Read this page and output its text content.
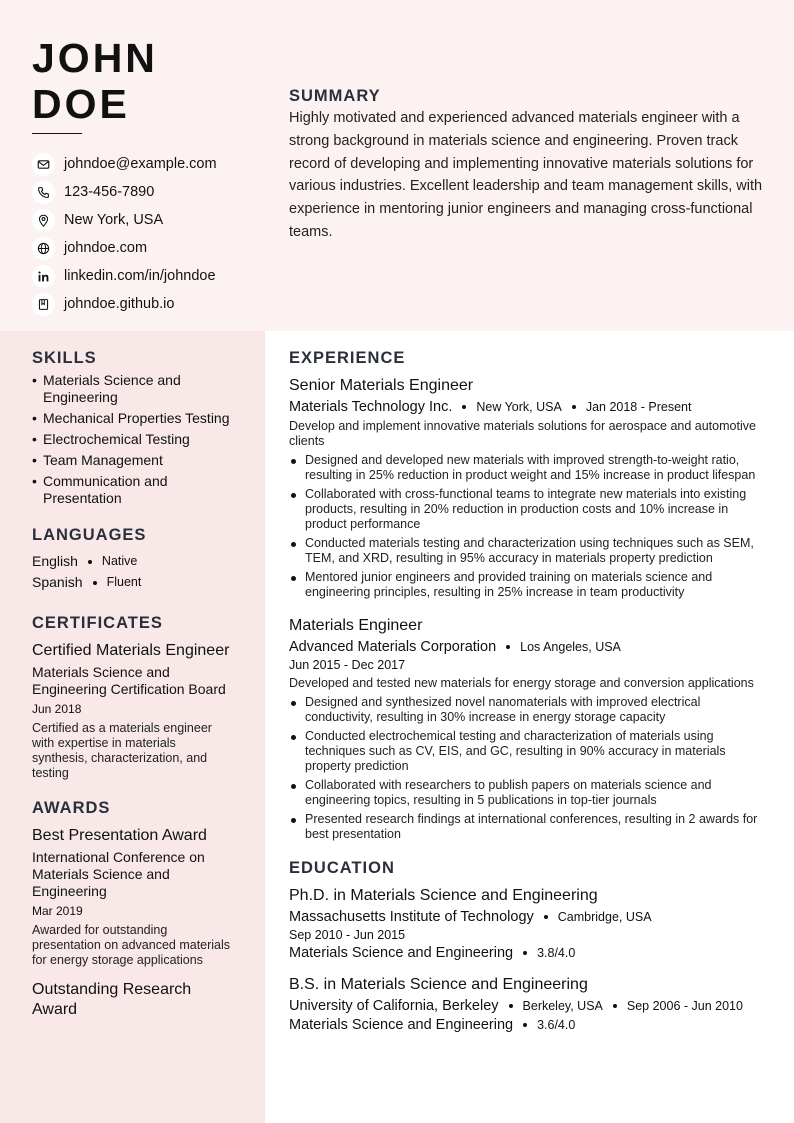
JOHN
DOE
johndoe@example.com
123-456-7890
New York, USA
johndoe.com
linkedin.com/in/johndoe
johndoe.github.io
SUMMARY

Highly motivated and experienced advanced materials engineer with a strong background in materials science and engineering. Proven track record of developing and implementing innovative materials solutions for various industries. Excellent leadership and team management skills, with experience in mentoring junior engineers and managing cross-functional teams.

SKILLS
• Materials Science and Engineering
• Mechanical Properties Testing
• Electrochemical Testing
• Team Management
• Communication and Presentation
LANGUAGES
English Native
Spanish Fluent
CERTIFICATES
Certified Materials Engineer
Materials Science and Engineering Certification Board
Jun 2018
Certified as a materials engineer with expertise in materials synthesis, characterization, and testing
AWARDS
Best Presentation Award
International Conference on Materials Science and Engineering
Mar 2019
Awarded for outstanding presentation on advanced materials for energy storage applications
Outstanding Research Award
EXPERIENCE
Senior Materials Engineer
Materials Technology Inc. New York, USA Jan 2018 - Present
Develop and implement innovative materials solutions for aerospace and automotive clients
Designed and developed new materials with improved strength-to-weight ratio, resulting in 25% reduction in product weight and 15% increase in product lifespan
Collaborated with cross-functional teams to integrate new materials into existing products, resulting in 20% reduction in production costs and 10% increase in product performance
Conducted materials testing and characterization using techniques such as SEM, TEM, and XRD, resulting in 95% accuracy in materials property prediction
Mentored junior engineers and provided training on materials science and engineering principles, resulting in 25% increase in team productivity
Materials Engineer
Advanced Materials Corporation Los Angeles, USA
Jun 2015 - Dec 2017
Developed and tested new materials for energy storage and conversion applications
Designed and synthesized novel nanomaterials with improved electrical conductivity, resulting in 30% increase in energy storage capacity
Conducted electrochemical testing and characterization of materials using techniques such as CV, EIS, and GC, resulting in 90% accuracy in materials property prediction
Collaborated with researchers to publish papers on materials science and engineering topics, resulting in 5 publications in top-tier journals
Presented research findings at international conferences, resulting in 2 awards for best presentation
EDUCATION
Ph.D. in Materials Science and Engineering
Massachusetts Institute of Technology Cambridge, USA
Sep 2010 - Jun 2015
Materials Science and Engineering 3.8/4.0
B.S. in Materials Science and Engineering
University of California, Berkeley Berkeley, USA Sep 2006 - Jun 2010
Materials Science and Engineering 3.6/4.0
